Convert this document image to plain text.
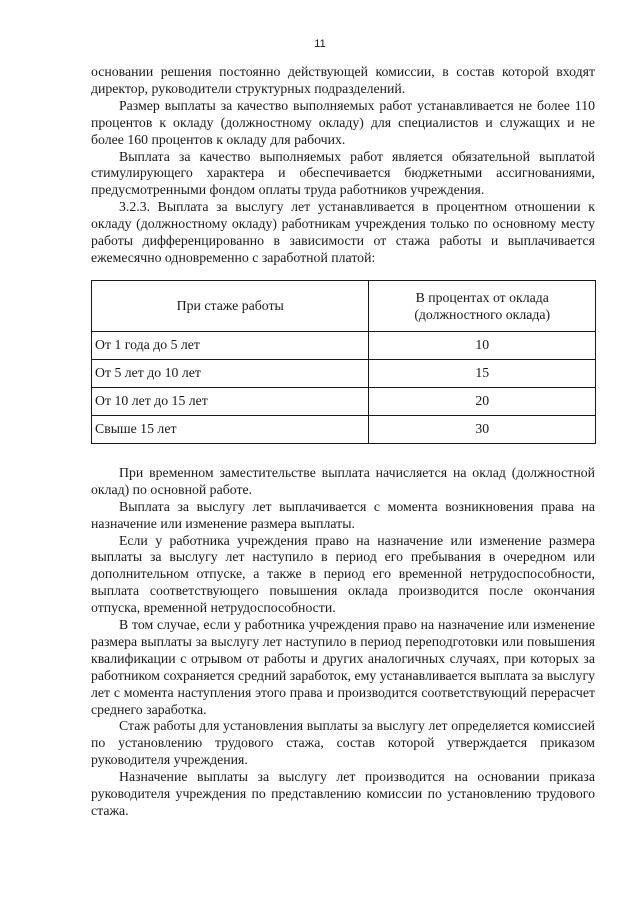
11

основании решения постоянно действующей комиссии, в состав которой входят директор, руководители структурных подразделений.

Размер выплаты за качество выполняемых работ устанавливается не более 110 процентов к окладу (должностному окладу) для специалистов и служащих и не более 160 процентов к окладу для рабочих.

Выплата за качество выполняемых работ является обязательной выплатой стимулирующего характера и обеспечивается бюджетными ассигнованиями, предусмотренными фондом оплаты труда работников учреждения.

3.2.3. Выплата за выслугу лет устанавливается в процентном отношении к окладу (должностному окладу) работникам учреждения только по основному месту работы дифференцированно в зависимости от стажа работы и выплачивается ежемесячно одновременно с заработной платой:

При стаже работы	В процентах от оклада
(должностного оклада)
От 1 года до 5 лет	10
От 5 лет до 10 лет	15
От 10 лет до 15 лет	20
Свыше 15 лет	30

При временном заместительстве выплата начисляется на оклад (должностной оклад) по основной работе.

Выплата за выслугу лет выплачивается с момента возникновения права на назначение или изменение размера выплаты.

Если у работника учреждения право на назначение или изменение размера выплаты за выслугу лет наступило в период его пребывания в очередном или дополнительном отпуске, а также в период его временной нетрудоспособности, выплата соответствующего повышения оклада производится после окончания отпуска, временной нетрудоспособности.

В том случае, если у работника учреждения право на назначение или изменение размера выплаты за выслугу лет наступило в период переподготовки или повышения квалификации с отрывом от работы и других аналогичных случаях, при которых за работником сохраняется средний заработок, ему устанавливается выплата за выслугу лет с момента наступления этого права и производится соответствующий перерасчет среднего заработка.

Стаж работы для установления выплаты за выслугу лет определяется комиссией по установлению трудового стажа, состав которой утверждается приказом руководителя учреждения.

Назначение выплаты за выслугу лет производится на основании приказа руководителя учреждения по представлению комиссии по установлению трудового стажа.
